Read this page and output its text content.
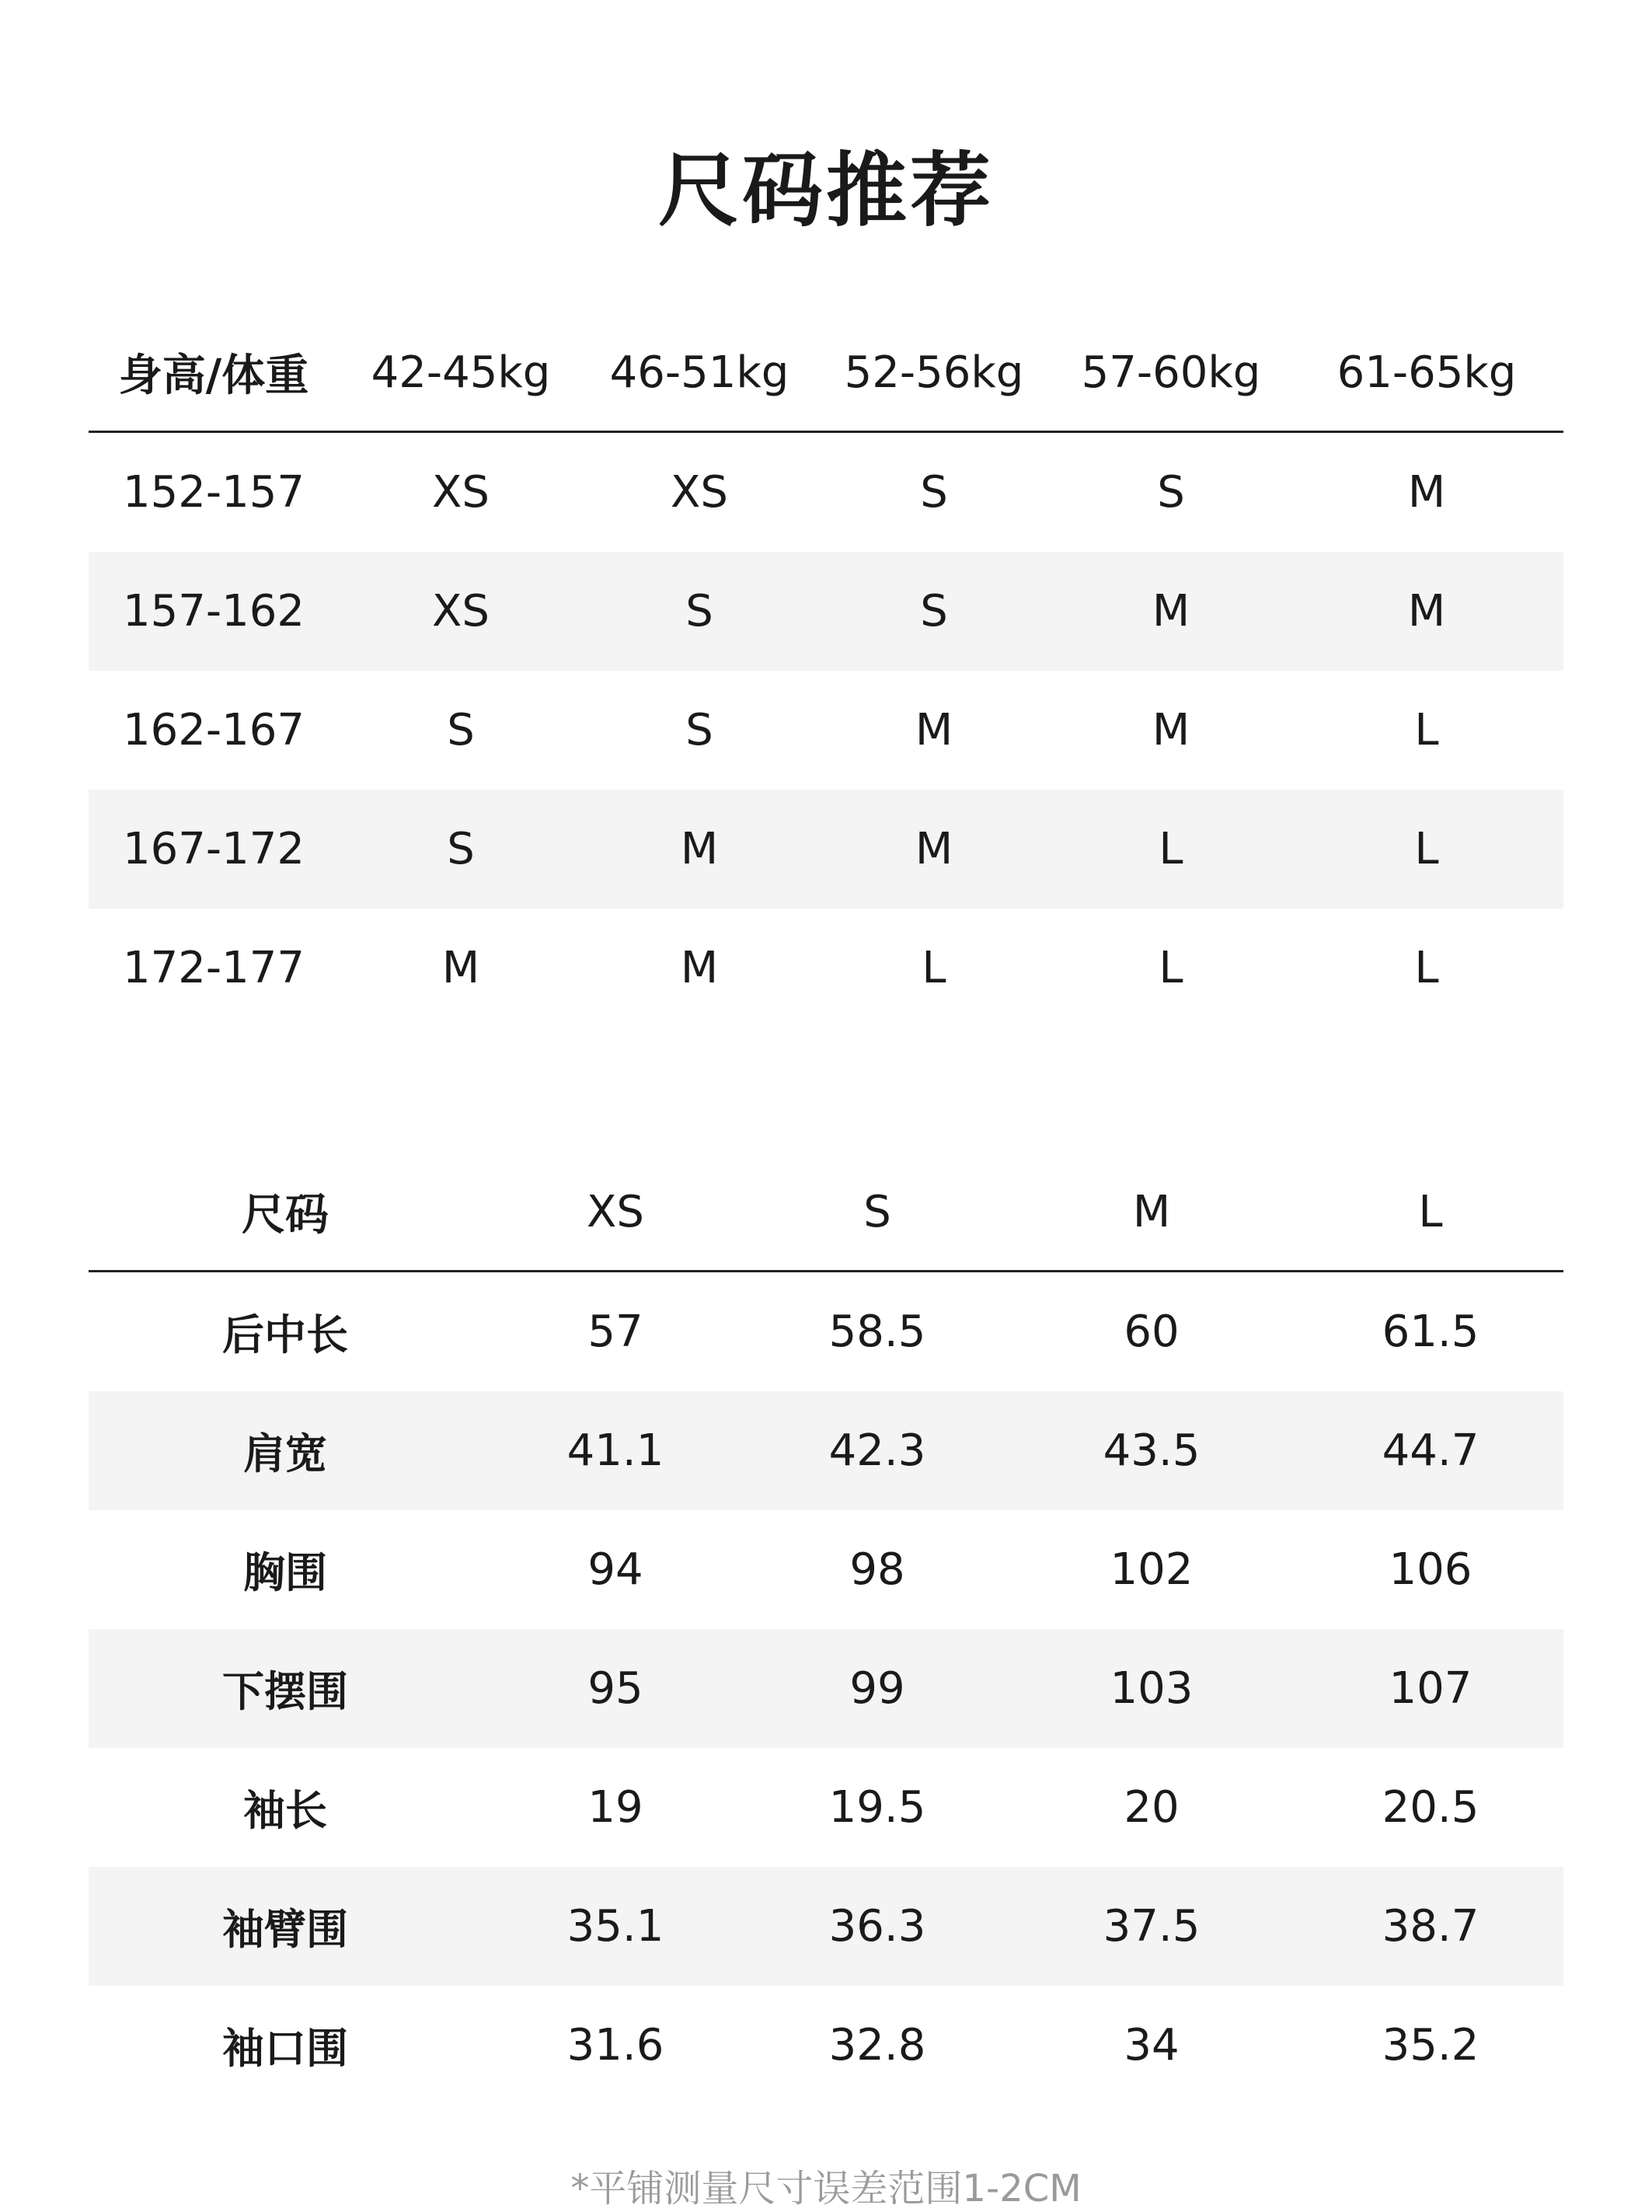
尺码推荐
身高/体重	42-45kg	46-51kg	52-56kg	57-60kg	61-65kg
152-157	XS	XS	S	S	M
157-162	XS	S	S	M	M
162-167	S	S	M	M	L
167-172	S	M	M	L	L
172-177	M	M	L	L	L
尺码	XS	S	M	L
后中长	57	58.5	60	61.5
肩宽	41.1	42.3	43.5	44.7
胸围	94	98	102	106
下摆围	95	99	103	107
袖长	19	19.5	20	20.5
袖臂围	35.1	36.3	37.5	38.7
袖口围	31.6	32.8	34	35.2
*平铺测量尺寸误差范围1-2CM
